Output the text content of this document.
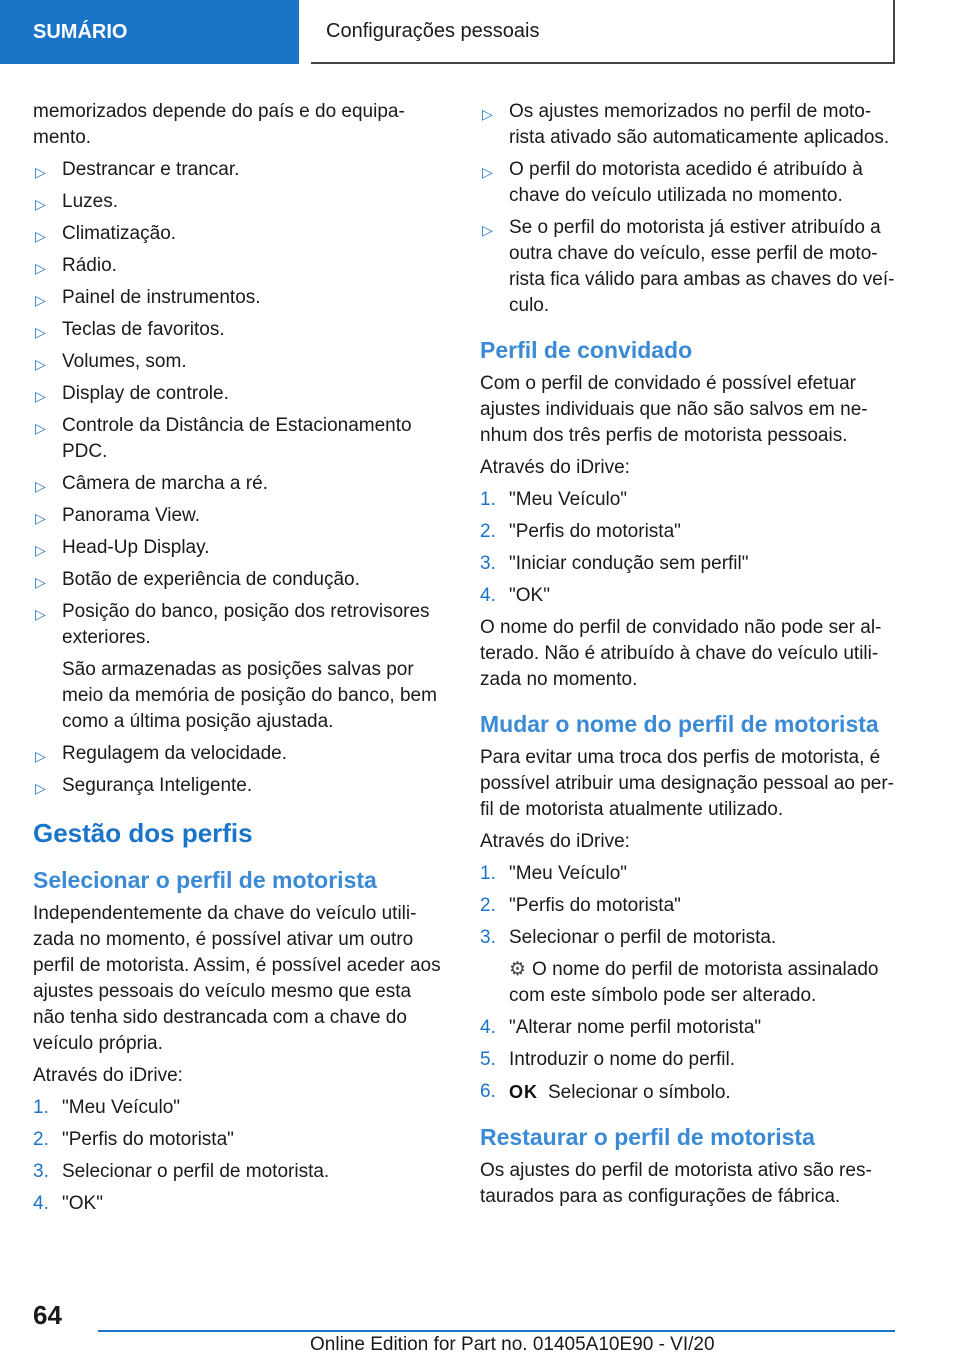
SUMÁRIO	Configurações pessoais

memorizados depende do país e do equipa‐mento.

▷ Destrancar e trancar.
▷ Luzes.
▷ Climatização.
▷ Rádio.
▷ Painel de instrumentos.
▷ Teclas de favoritos.
▷ Volumes, som.
▷ Display de controle.
▷ Controle da Distância de Estacionamento PDC.
▷ Câmera de marcha a ré.
▷ Panorama View.
▷ Head-Up Display.
▷ Botão de experiência de condução.
▷ Posição do banco, posição dos retrovisores exteriores.
São armazenadas as posições salvas por meio da memória de posição do banco, bem como a última posição ajustada.
▷ Regulagem da velocidade.
▷ Segurança Inteligente.
Gestão dos perfis
Selecionar o perfil de motorista

Independentemente da chave do veículo utili‐zada no momento, é possível ativar um outro perfil de motorista. Assim, é possível aceder aos ajustes pessoais do veículo mesmo que esta não tenha sido destrancada com a chave do veículo própria.

Através do iDrive:

1. "Meu Veículo"
2. "Perfis do motorista"
3. Selecionar o perfil de motorista.
4. "OK"
▷ Os ajustes memorizados no perfil de moto‐rista ativado são automaticamente aplicados.
▷ O perfil do motorista acedido é atribuído à chave do veículo utilizada no momento.
▷ Se o perfil do motorista já estiver atribuído a outra chave do veículo, esse perfil de moto‐rista fica válido para ambas as chaves do veí‐culo.
Perfil de convidado

Com o perfil de convidado é possível efetuar ajustes individuais que não são salvos em ne‐nhum dos três perfis de motorista pessoais.

Através do iDrive:

1. "Meu Veículo"
2. "Perfis do motorista"
3. "Iniciar condução sem perfil"
4. "OK"

O nome do perfil de convidado não pode ser al‐terado. Não é atribuído à chave do veículo utili‐zada no momento.

Mudar o nome do perfil de motorista

Para evitar uma troca dos perfis de motorista, é possível atribuir uma designação pessoal ao per‐fil de motorista atualmente utilizado.

Através do iDrive:

1. "Meu Veículo"
2. "Perfis do motorista"
3. Selecionar o perfil de motorista.
⚙ O nome do perfil de motorista assinalado com este símbolo pode ser alterado.
4. "Alterar nome perfil motorista"
5. Introduzir o nome do perfil.
6. OK Selecionar o símbolo.
Restaurar o perfil de motorista

Os ajustes do perfil de motorista ativo são res‐taurados para as configurações de fábrica.

64
Online Edition for Part no. 01405A10E90 - VI/20
